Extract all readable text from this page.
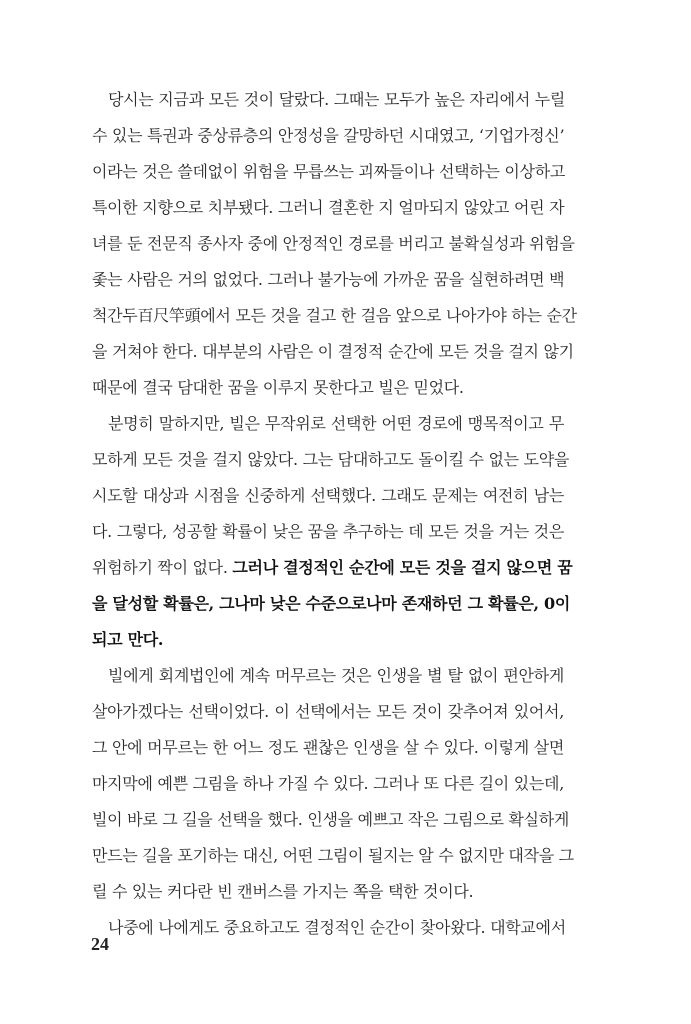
당시는 지금과 모든 것이 달랐다. 그때는 모두가 높은 자리에서 누릴
수 있는 특권과 중상류층의 안정성을 갈망하던 시대였고, ‘기업가정신’
이라는 것은 쓸데없이 위험을 무릅쓰는 괴짜들이나 선택하는 이상하고
특이한 지향으로 치부됐다. 그러니 결혼한 지 얼마되지 않았고 어린 자
녀를 둔 전문직 종사자 중에 안정적인 경로를 버리고 불확실성과 위험을
좇는 사람은 거의 없었다. 그러나 불가능에 가까운 꿈을 실현하려면 백
척간두百尺竿頭에서 모든 것을 걸고 한 걸음 앞으로 나아가야 하는 순간
을 거쳐야 한다. 대부분의 사람은 이 결정적 순간에 모든 것을 걸지 않기
때문에 결국 담대한 꿈을 이루지 못한다고 빌은 믿었다.
분명히 말하지만, 빌은 무작위로 선택한 어떤 경로에 맹목적이고 무
모하게 모든 것을 걸지 않았다. 그는 담대하고도 돌이킬 수 없는 도약을
시도할 대상과 시점을 신중하게 선택했다. 그래도 문제는 여전히 남는
다. 그렇다, 성공할 확률이 낮은 꿈을 추구하는 데 모든 것을 거는 것은
위험하기 짝이 없다. 그러나 결정적인 순간에 모든 것을 걸지 않으면 꿈
을 달성할 확률은, 그나마 낮은 수준으로나마 존재하던 그 확률은, 0이
되고 만다.
빌에게 회계법인에 계속 머무르는 것은 인생을 별 탈 없이 편안하게
살아가겠다는 선택이었다. 이 선택에서는 모든 것이 갖추어져 있어서,
그 안에 머무르는 한 어느 정도 괜찮은 인생을 살 수 있다. 이렇게 살면
마지막에 예쁜 그림을 하나 가질 수 있다. 그러나 또 다른 길이 있는데,
빌이 바로 그 길을 선택을 했다. 인생을 예쁘고 작은 그림으로 확실하게
만드는 길을 포기하는 대신, 어떤 그림이 될지는 알 수 없지만 대작을 그
릴 수 있는 커다란 빈 캔버스를 가지는 쪽을 택한 것이다.
나중에 나에게도 중요하고도 결정적인 순간이 찾아왔다. 대학교에서
24
